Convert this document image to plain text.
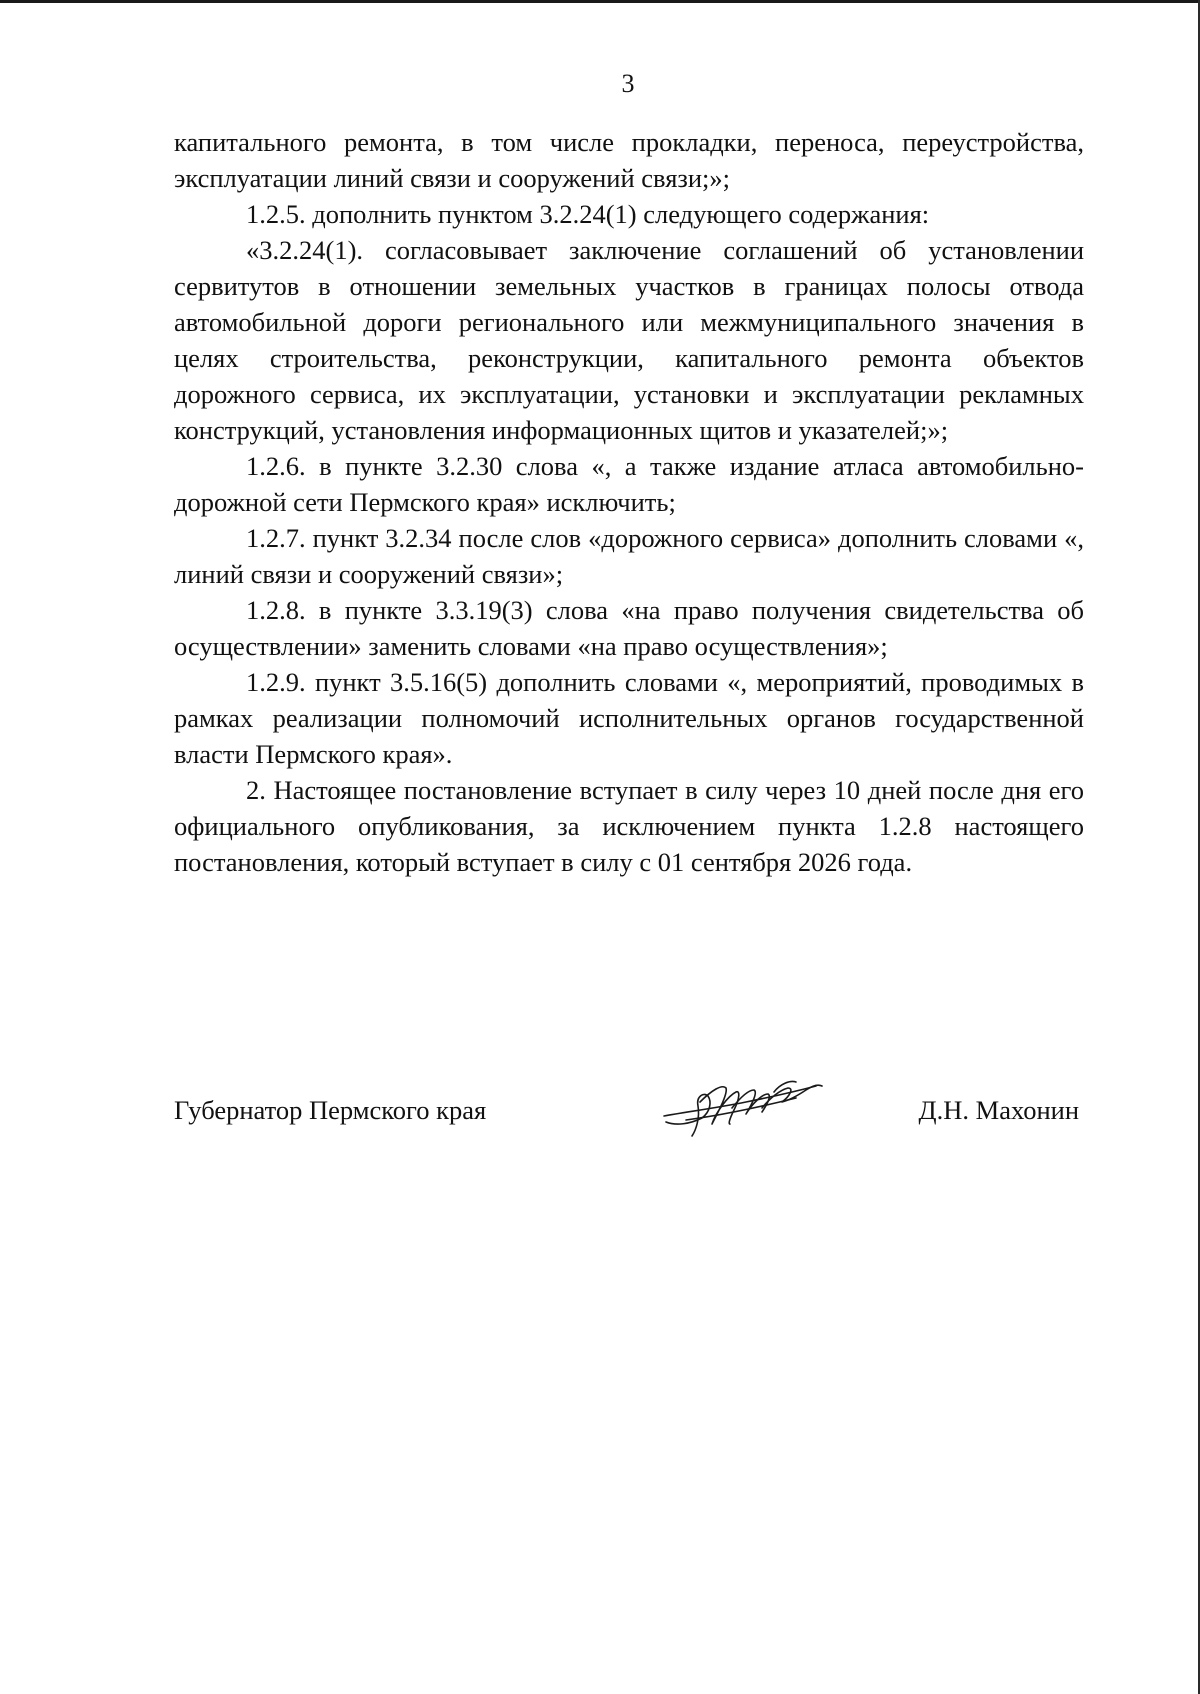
3

капитального ремонта, в том числе прокладки, переноса, переустройства, эксплуатации линий связи и сооружений связи;»;

1.2.5. дополнить пунктом 3.2.24(1) следующего содержания:

«3.2.24(1). согласовывает заключение соглашений об установлении сервитутов в отношении земельных участков в границах полосы отвода автомобильной дороги регионального или межмуниципального значения в целях строительства, реконструкции, капитального ремонта объектов дорожного сервиса, их эксплуатации, установки и эксплуатации рекламных конструкций, установления информационных щитов и указателей;»;

1.2.6. в пункте 3.2.30 слова «, а также издание атласа автомобильно-дорожной сети Пермского края» исключить;

1.2.7. пункт 3.2.34 после слов «дорожного сервиса» дополнить словами «, линий связи и сооружений связи»;

1.2.8. в пункте 3.3.19(3) слова «на право получения свидетельства об осуществлении» заменить словами «на право осуществления»;

1.2.9. пункт 3.5.16(5) дополнить словами «, мероприятий, проводимых в рамках реализации полномочий исполнительных органов государственной власти Пермского края».

2. Настоящее постановление вступает в силу через 10 дней после дня его официального опубликования, за исключением пункта 1.2.8 настоящего постановления, который вступает в силу с 01 сентября 2026 года.

Губернатор Пермского края	Д.Н. Махонин
